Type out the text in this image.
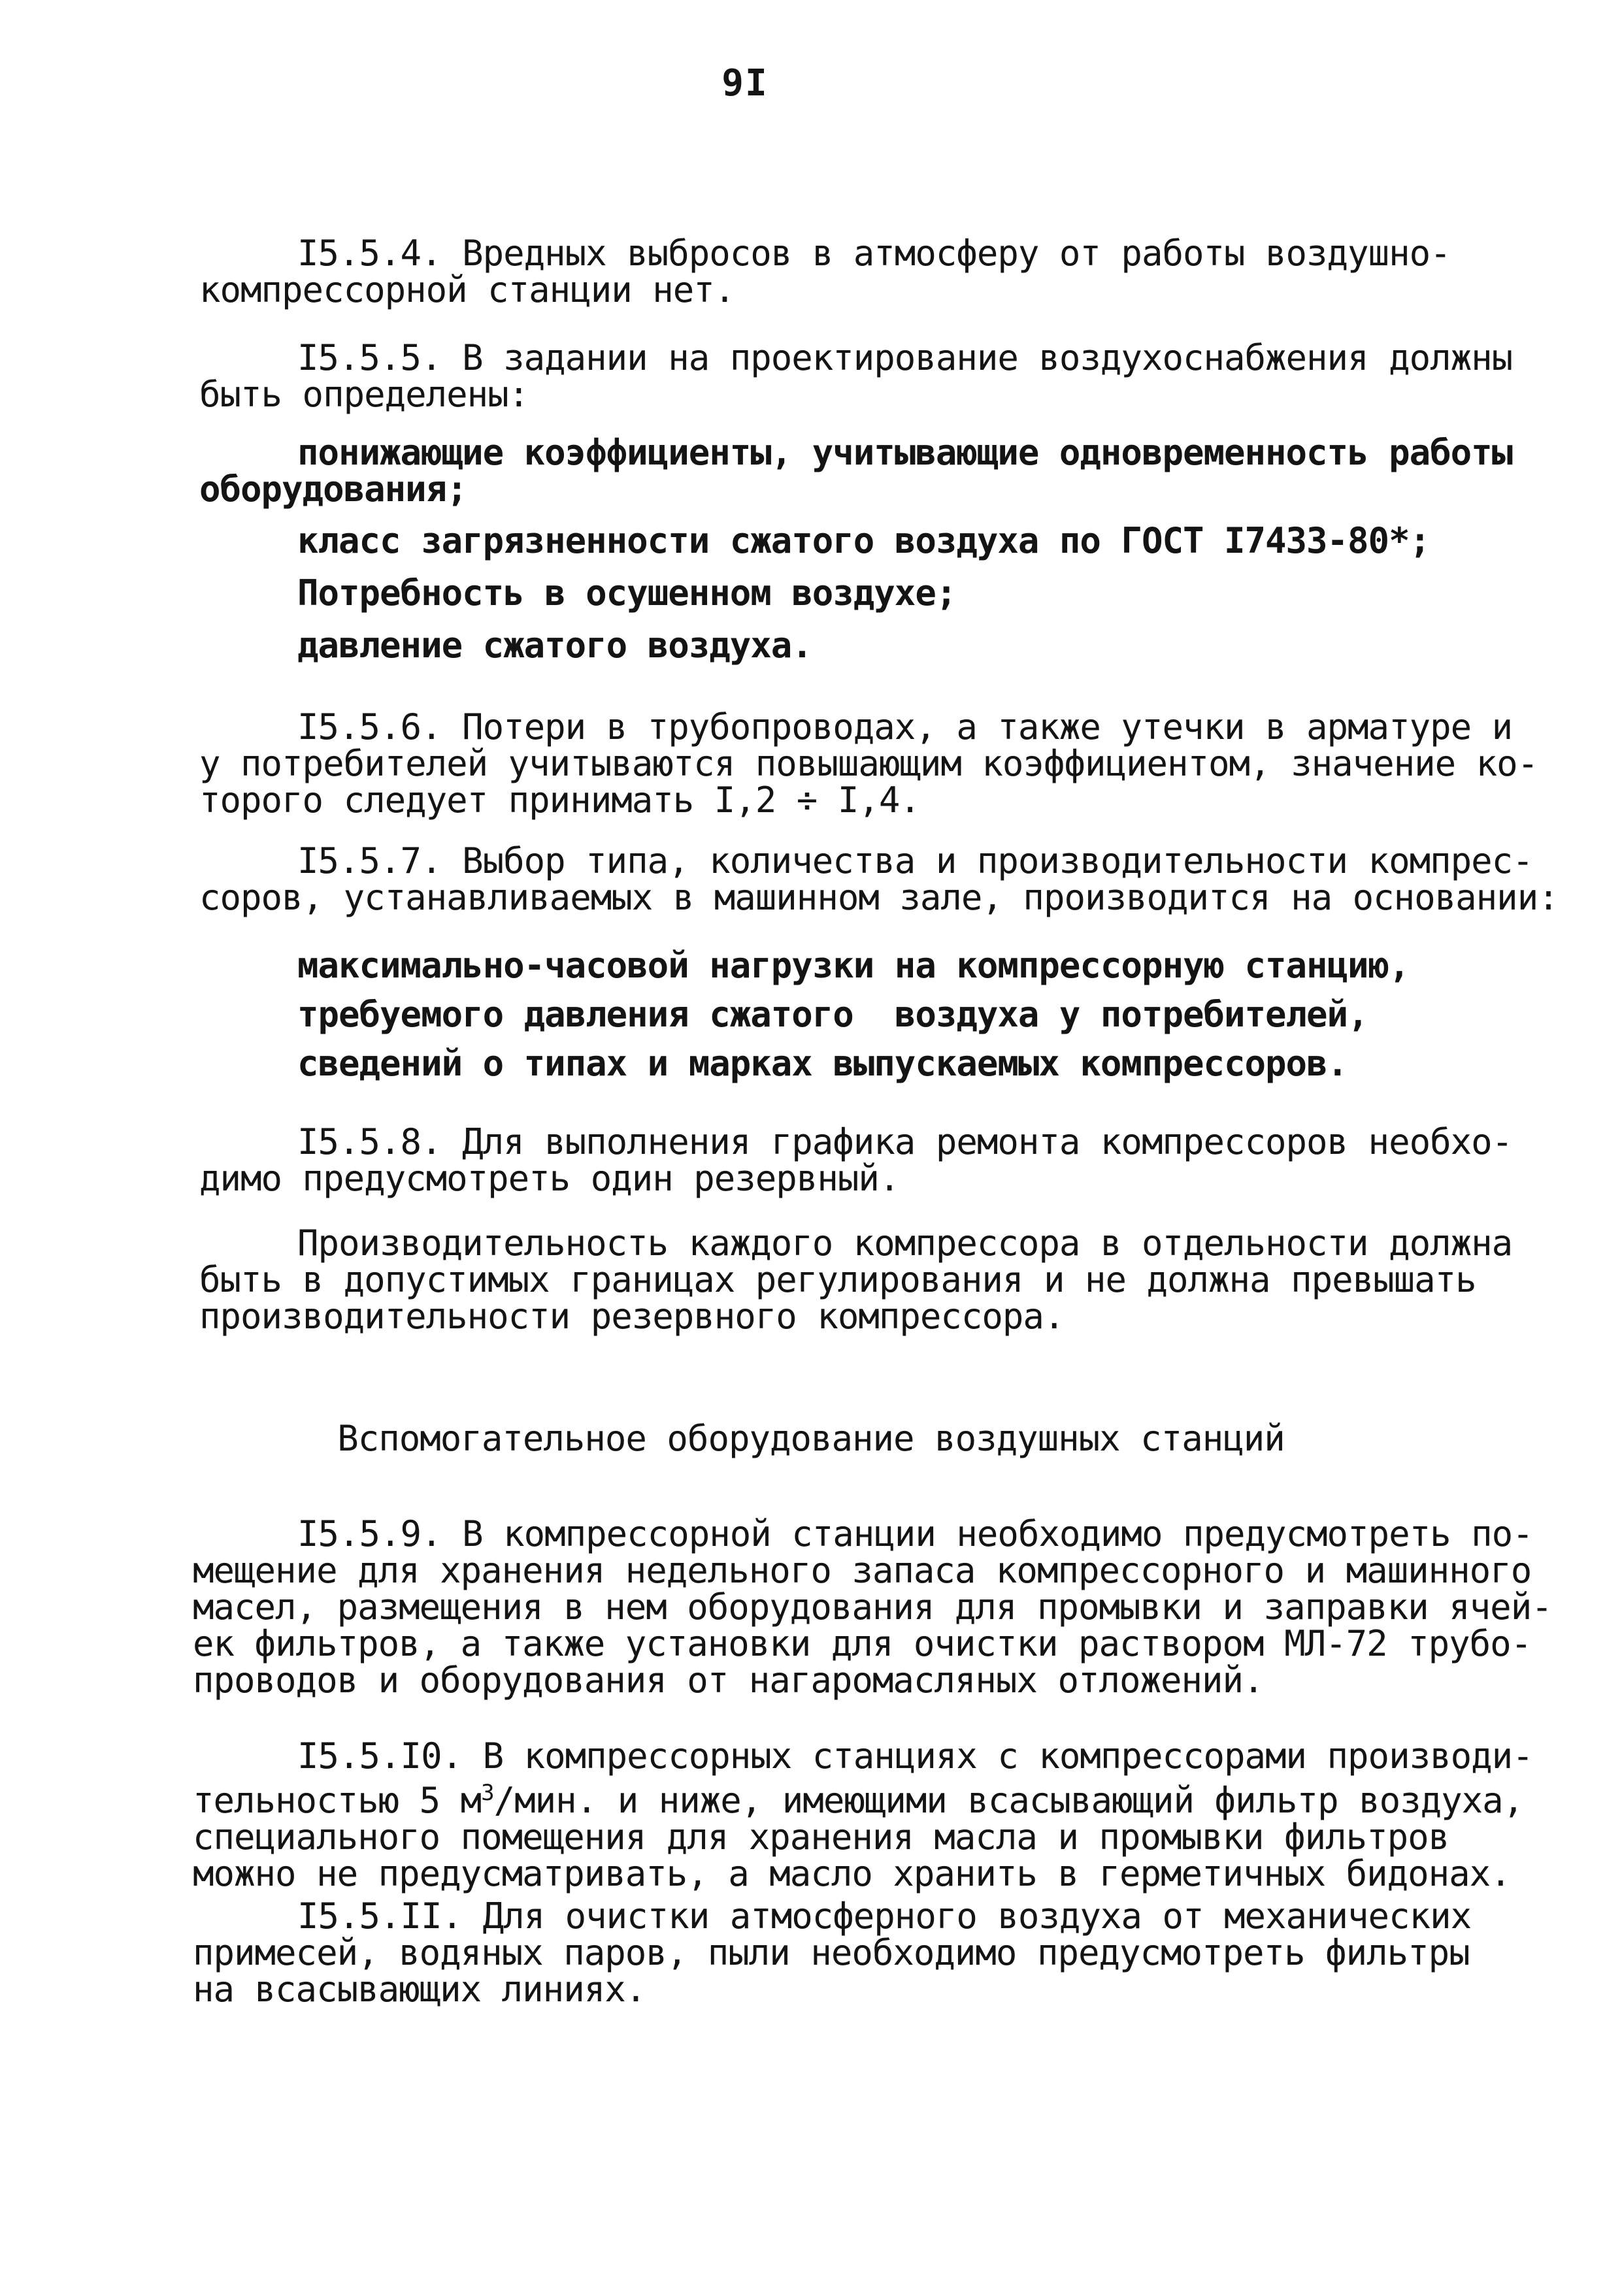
9I
I5.5.4. Вредных выбросов в атмосферу от работы воздушно-
компрессорной станции нет.
I5.5.5. В задании на проектирование воздухоснабжения должны
быть определены:
понижающие коэффициенты, учитывающие одновременность работы
оборудования;
класс загрязненности сжатого воздуха по ГОСТ I7433-80*;
Потребность в осушенном воздухе;
давление сжатого воздуха.
I5.5.6. Потери в трубопроводах, а также утечки в арматуре и
у потребителей учитываются повышающим коэффициентом, значение ко-
торого следует принимать I,2 ÷ I,4.
I5.5.7. Выбор типа, количества и производительности компрес-
соров, устанавливаемых в машинном зале, производится на основании:
максимально-часовой нагрузки на компрессорную станцию,
требуемого давления сжатого  воздуха у потребителей,
сведений о типах и марках выпускаемых компрессоров.
I5.5.8. Для выполнения графика ремонта компрессоров необхо-
димо предусмотреть один резервный.
Производительность каждого компрессора в отдельности должна
быть в допустимых границах регулирования и не должна превышать
производительности резервного компрессора.
Вспомогательное оборудование воздушных станций
I5.5.9. В компрессорной станции необходимо предусмотреть по-
мещение для хранения недельного запаса компрессорного и машинного
масел, размещения в нем оборудования для промывки и заправки ячей-
ек фильтров, а также установки для очистки раствором МЛ-72 трубо-
проводов и оборудования от нагаромасляных отложений.
I5.5.I0. В компрессорных станциях с компрессорами производи-
тельностью 5 $м^3$/мин. и ниже, имеющими всасывающий фильтр воздуха,
специального помещения для хранения масла и промывки фильтров
можно не предусматривать, а масло хранить в герметичных бидонах.
I5.5.II. Для очистки атмосферного воздуха от механических
примесей, водяных паров, пыли необходимо предусмотреть фильтры
на всасывающих линиях.
